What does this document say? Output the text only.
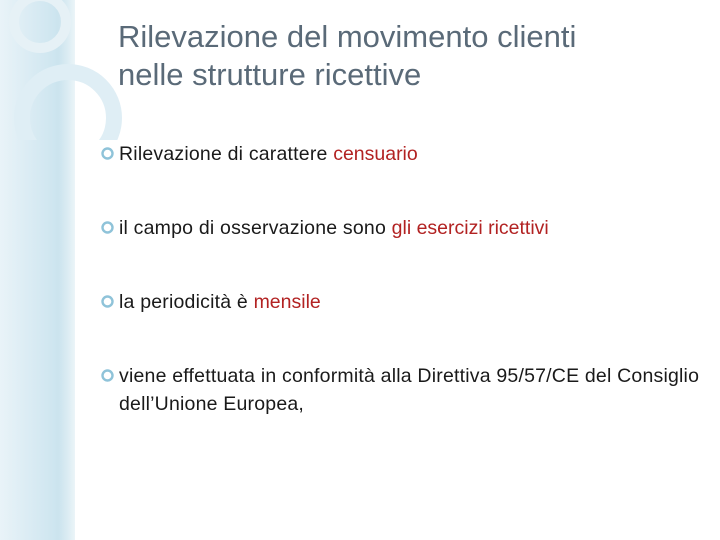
Rilevazione del movimento clienti
nelle strutture ricettive
Rilevazione di carattere censuario
il campo di osservazione sono gli esercizi ricettivi
la periodicità è mensile
viene effettuata in conformità alla Direttiva 95/57/CE del Consiglio dell’Unione Europea,
